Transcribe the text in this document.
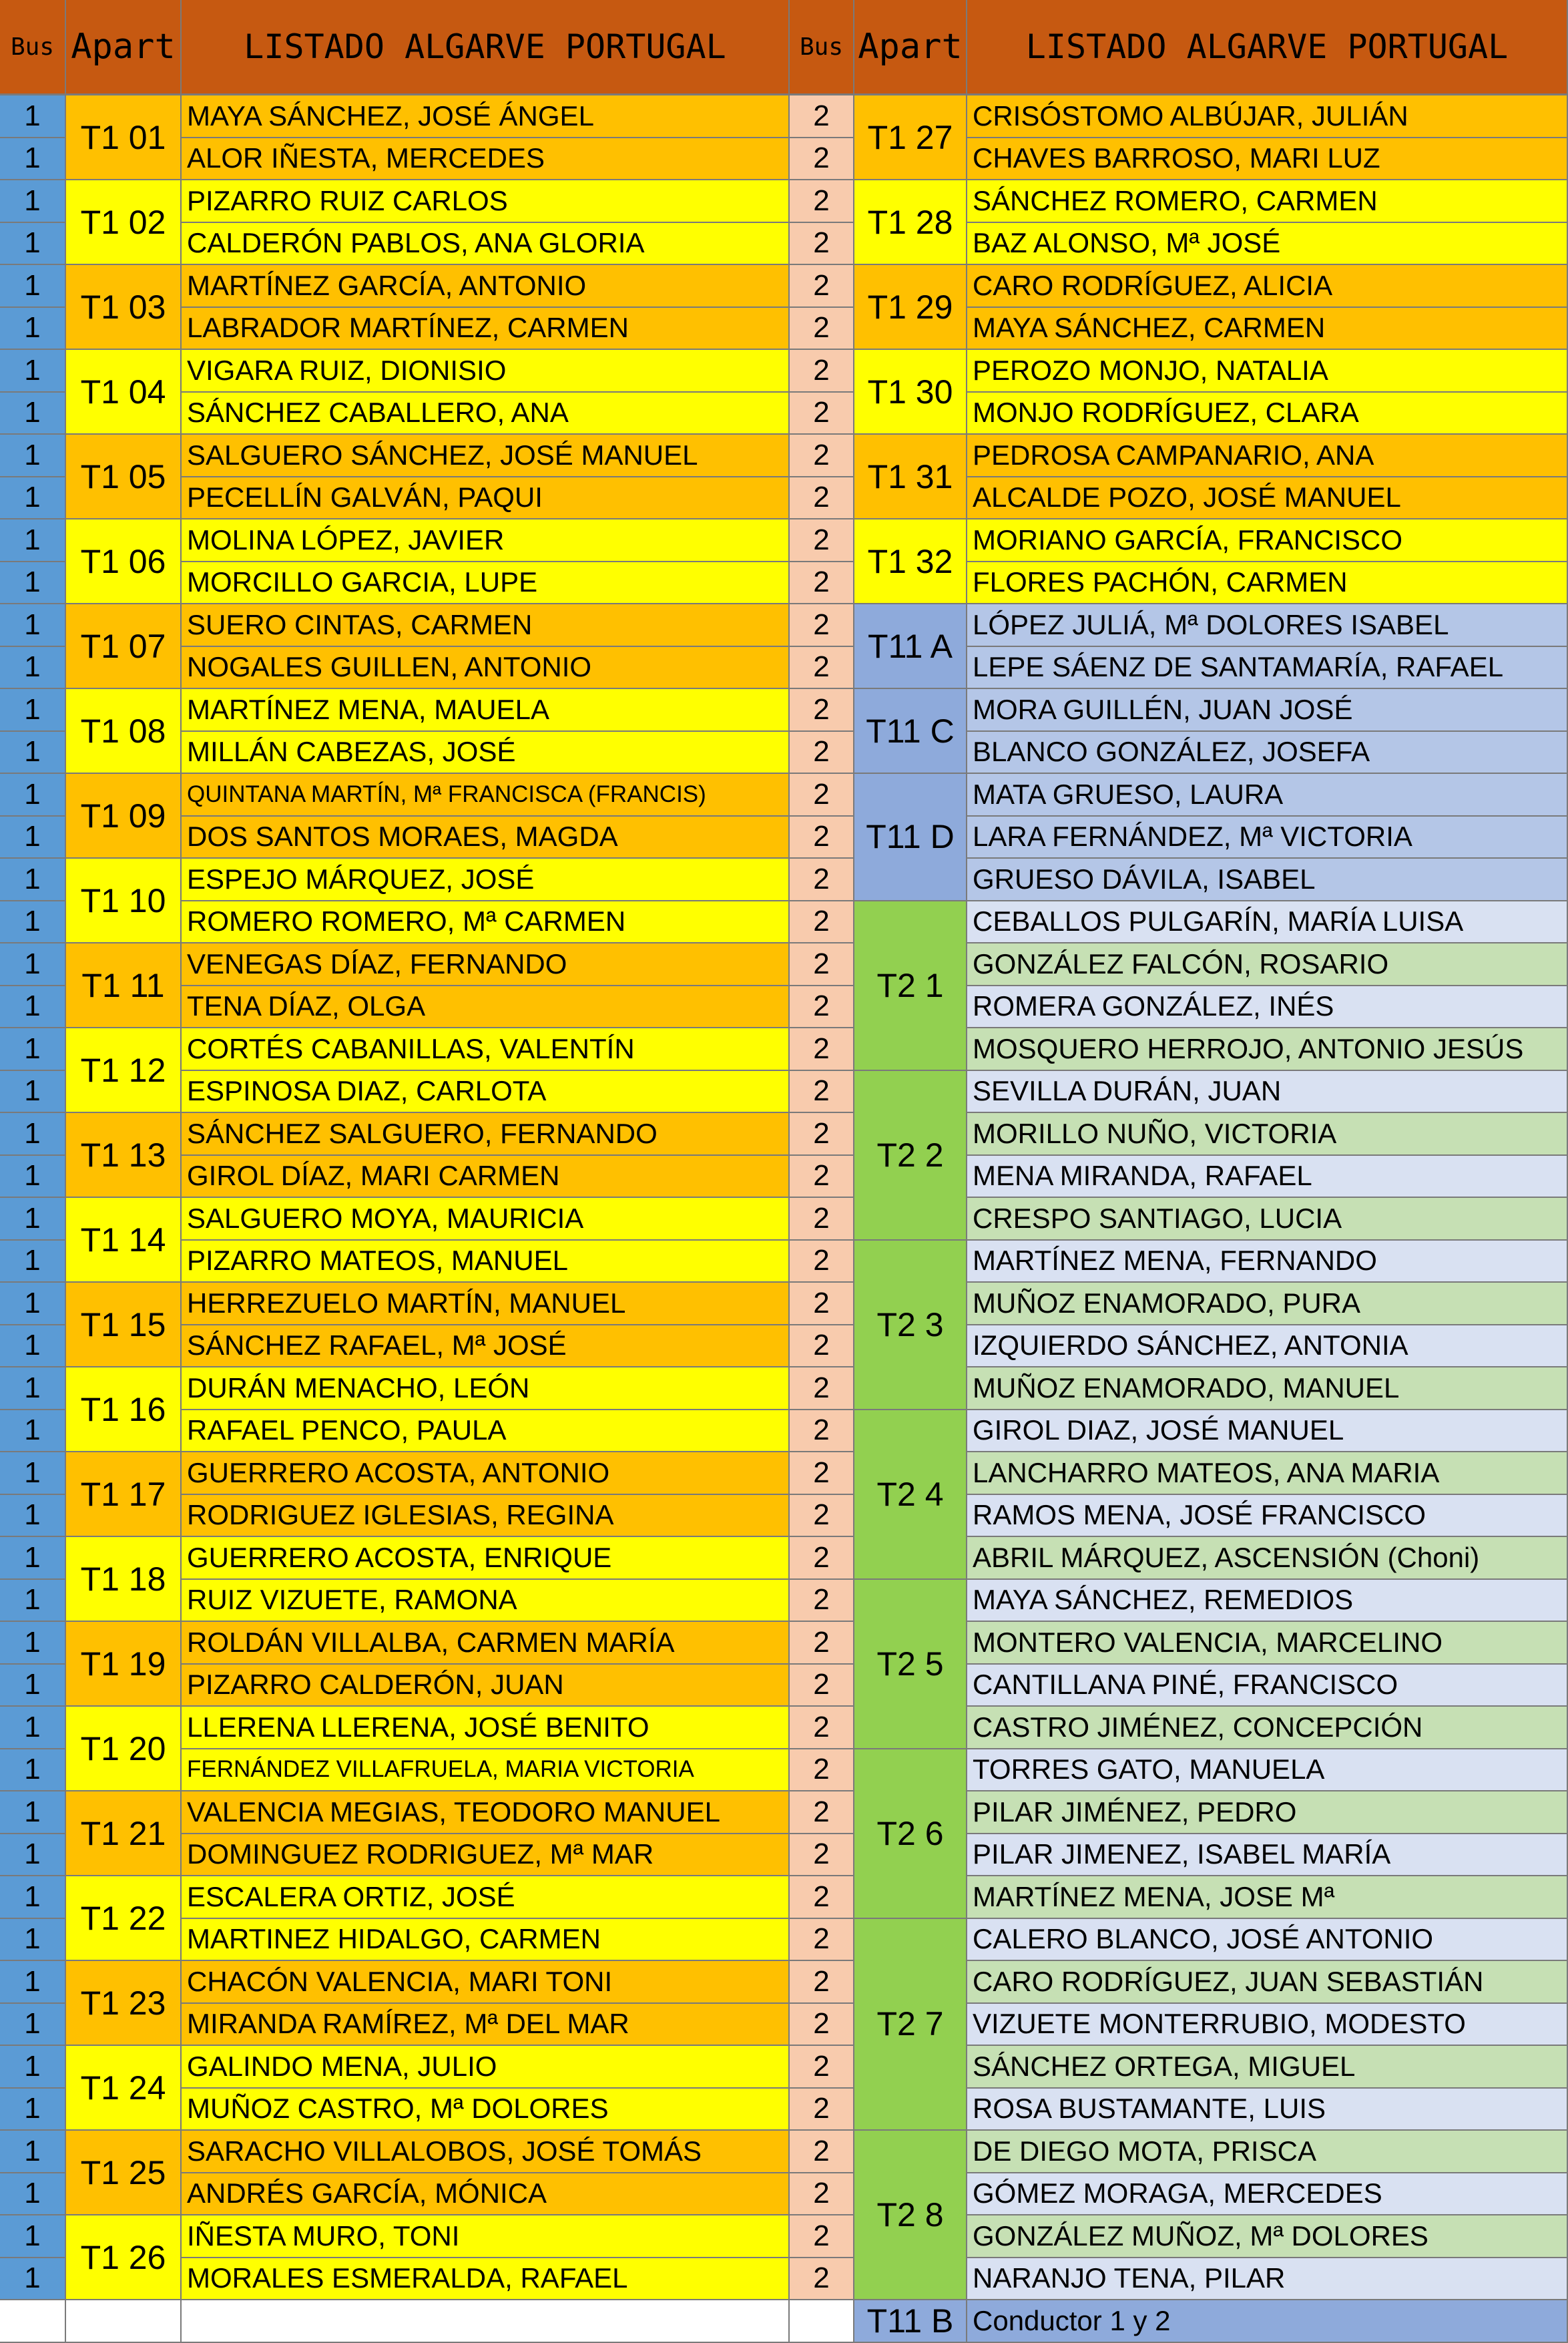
Bus Apart	LISTADO ALGARVE PORTUGAL	Bus Apart	LISTADO ALGARVE PORTUGAL
T1 01
1	MAYA SÁNCHEZ, JOSÉ ÁNGEL
1	ALOR IÑESTA, MERCEDES
T1 02
1	PIZARRO RUIZ CARLOS
1	CALDERÓN PABLOS, ANA GLORIA
T1 03
1	MARTÍNEZ GARCÍA, ANTONIO
1	LABRADOR MARTÍNEZ, CARMEN
T1 04
1	VIGARA RUIZ, DIONISIO
1	SÁNCHEZ CABALLERO, ANA
T1 05
1	SALGUERO SÁNCHEZ, JOSÉ MANUEL
1	PECELLÍN GALVÁN, PAQUI
T1 06
1	MOLINA LÓPEZ, JAVIER
1	MORCILLO GARCIA, LUPE
T1 07
1	SUERO CINTAS, CARMEN
1	NOGALES GUILLEN, ANTONIO
T1 08
1	MARTÍNEZ MENA, MAUELA
1	MILLÁN CABEZAS, JOSÉ
T1 09
1	QUINTANA MARTÍN, Mª FRANCISCA (FRANCIS)
1	DOS SANTOS MORAES, MAGDA
T1 10
1	ESPEJO MÁRQUEZ, JOSÉ
1	ROMERO ROMERO, Mª CARMEN
T1 11
1	VENEGAS DÍAZ, FERNANDO
1	TENA DÍAZ, OLGA
T1 12
1	CORTÉS CABANILLAS, VALENTÍN
1	ESPINOSA DIAZ, CARLOTA
T1 13
1	SÁNCHEZ SALGUERO, FERNANDO
1	GIROL DÍAZ, MARI CARMEN
T1 14
1	SALGUERO MOYA, MAURICIA
1	PIZARRO MATEOS, MANUEL
T1 15
1	HERREZUELO MARTÍN, MANUEL
1	SÁNCHEZ RAFAEL, Mª JOSÉ
T1 16
1	DURÁN MENACHO, LEÓN
1	RAFAEL PENCO, PAULA
T1 17
1	GUERRERO ACOSTA, ANTONIO
1	RODRIGUEZ IGLESIAS, REGINA
T1 18
1	GUERRERO ACOSTA, ENRIQUE
1	RUIZ VIZUETE, RAMONA
T1 19
1	ROLDÁN VILLALBA, CARMEN MARÍA
1	PIZARRO CALDERÓN, JUAN
T1 20
1	LLERENA LLERENA, JOSÉ BENITO
1	FERNÁNDEZ VILLAFRUELA, MARIA VICTORIA
T1 21
1	VALENCIA MEGIAS, TEODORO MANUEL
1	DOMINGUEZ RODRIGUEZ, Mª MAR
T1 22
1	ESCALERA ORTIZ, JOSÉ
1	MARTINEZ HIDALGO, CARMEN
T1 23
1	CHACÓN VALENCIA, MARI TONI
1	MIRANDA RAMÍREZ, Mª DEL MAR
T1 24
1	GALINDO MENA, JULIO
1	MUÑOZ CASTRO, Mª DOLORES
T1 25
1	SARACHO VILLALOBOS, JOSÉ TOMÁS
1	ANDRÉS GARCÍA, MÓNICA
T1 26
1	IÑESTA MURO, TONI
1	MORALES ESMERALDA, RAFAEL
T1 27
2	CRISÓSTOMO ALBÚJAR, JULIÁN
2	CHAVES BARROSO, MARI LUZ
T1 28
2	SÁNCHEZ ROMERO, CARMEN
2	BAZ ALONSO, Mª JOSÉ
T1 29
2	CARO RODRÍGUEZ, ALICIA
2	MAYA SÁNCHEZ, CARMEN
T1 30
2	PEROZO MONJO, NATALIA
2	MONJO RODRÍGUEZ, CLARA
T1 31
2	PEDROSA CAMPANARIO, ANA
2	ALCALDE POZO, JOSÉ MANUEL
T1 32
2	MORIANO GARCÍA, FRANCISCO
2	FLORES PACHÓN, CARMEN
T11 A
2	LÓPEZ JULIÁ, Mª DOLORES ISABEL
2	LEPE SÁENZ DE SANTAMARÍA, RAFAEL
T11 C
2	MORA GUILLÉN, JUAN JOSÉ
2	BLANCO GONZÁLEZ, JOSEFA
T11 D
2	MATA GRUESO, LAURA
2	LARA FERNÁNDEZ, Mª VICTORIA
2	GRUESO DÁVILA, ISABEL
T2 1
2	CEBALLOS PULGARÍN, MARÍA LUISA
2	GONZÁLEZ FALCÓN, ROSARIO
2	ROMERA GONZÁLEZ, INÉS
2	MOSQUERO HERROJO, ANTONIO JESÚS
T2 2
2	SEVILLA DURÁN, JUAN
2	MORILLO NUÑO, VICTORIA
2	MENA MIRANDA, RAFAEL
2	CRESPO SANTIAGO, LUCIA
T2 3
2	MARTÍNEZ MENA, FERNANDO
2	MUÑOZ ENAMORADO, PURA
2	IZQUIERDO SÁNCHEZ, ANTONIA
2	MUÑOZ ENAMORADO, MANUEL
T2 4
2	GIROL DIAZ, JOSÉ MANUEL
2	LANCHARRO MATEOS, ANA MARIA
2	RAMOS MENA, JOSÉ FRANCISCO
2	ABRIL MÁRQUEZ, ASCENSIÓN (Choni)
T2 5
2	MAYA SÁNCHEZ, REMEDIOS
2	MONTERO VALENCIA, MARCELINO
2	CANTILLANA PINÉ, FRANCISCO
2	CASTRO JIMÉNEZ, CONCEPCIÓN
T2 6
2	TORRES GATO, MANUELA
2	PILAR JIMÉNEZ, PEDRO
2	PILAR JIMENEZ, ISABEL MARÍA
2	MARTÍNEZ MENA, JOSE Mª
T2 7
2	CALERO BLANCO, JOSÉ ANTONIO
2	CARO RODRÍGUEZ, JUAN SEBASTIÁN
2	VIZUETE MONTERRUBIO, MODESTO
2	SÁNCHEZ ORTEGA, MIGUEL
2	ROSA BUSTAMANTE, LUIS
T2 8
2	DE DIEGO MOTA, PRISCA
2	GÓMEZ MORAGA, MERCEDES
2	GONZÁLEZ MUÑOZ, Mª DOLORES
2	NARANJO TENA, PILAR
T11 B Conductor 1 y 2
